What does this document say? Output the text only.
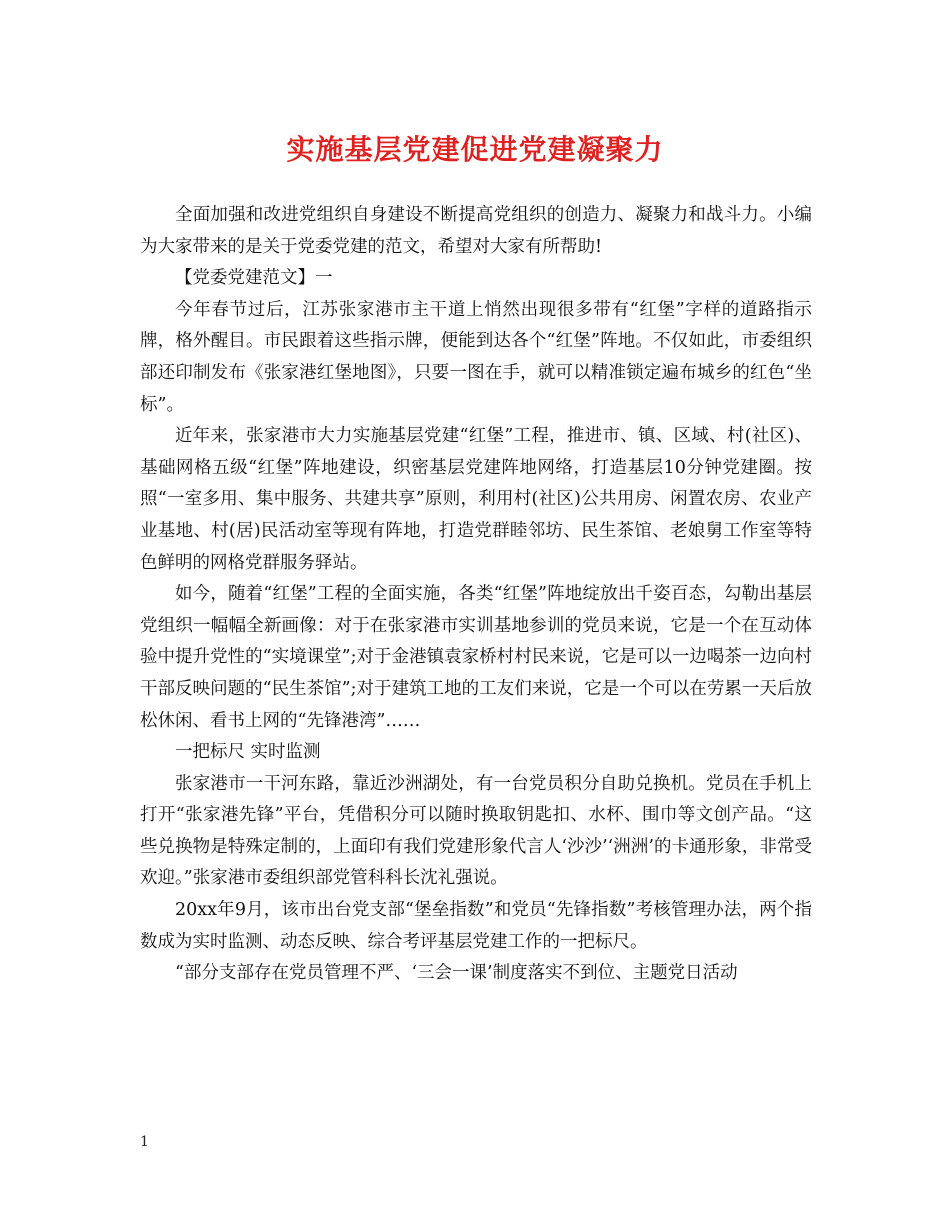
实施基层党建促进党建凝聚力

全面加强和改进党组织自身建设不断提高党组织的创造力、凝聚力和战斗力。小编为大家带来的是关于党委党建的范文，希望对大家有所帮助!

【党委党建范文】一

今年春节过后，江苏张家港市主干道上悄然出现很多带有“红堡”字样的道路指示牌，格外醒目。市民跟着这些指示牌，便能到达各个“红堡”阵地。不仅如此，市委组织部还印制发布《张家港红堡地图》，只要一图在手，就可以精准锁定遍布城乡的红色“坐标”。

近年来，张家港市大力实施基层党建“红堡”工程，推进市、镇、区域、村(社区)、基础网格五级“红堡”阵地建设，织密基层党建阵地网络，打造基层10分钟党建圈。按照“一室多用、集中服务、共建共享”原则，利用村(社区)公共用房、闲置农房、农业产业基地、村(居)民活动室等现有阵地，打造党群睦邻坊、民生茶馆、老娘舅工作室等特色鲜明的网格党群服务驿站。

如今，随着“红堡”工程的全面实施，各类“红堡”阵地绽放出千姿百态，勾勒出基层党组织一幅幅全新画像：对于在张家港市实训基地参训的党员来说，它是一个在互动体验中提升党性的“实境课堂”;对于金港镇袁家桥村村民来说，它是可以一边喝茶一边向村干部反映问题的“民生茶馆”;对于建筑工地的工友们来说，它是一个可以在劳累一天后放松休闲、看书上网的“先锋港湾”……

一把标尺 实时监测

张家港市一干河东路，靠近沙洲湖处，有一台党员积分自助兑换机。党员在手机上打开“张家港先锋”平台，凭借积分可以随时换取钥匙扣、水杯、围巾等文创产品。“这些兑换物是特殊定制的，上面印有我们党建形象代言人‘沙沙’‘洲洲’的卡通形象，非常受欢迎。”张家港市委组织部党管科科长沈礼强说。

20xx年9月，该市出台党支部“堡垒指数”和党员“先锋指数”考核管理办法，两个指数成为实时监测、动态反映、综合考评基层党建工作的一把标尺。

“部分支部存在党员管理不严、‘三会一课’制度落实不到位、主题党日活动

1
